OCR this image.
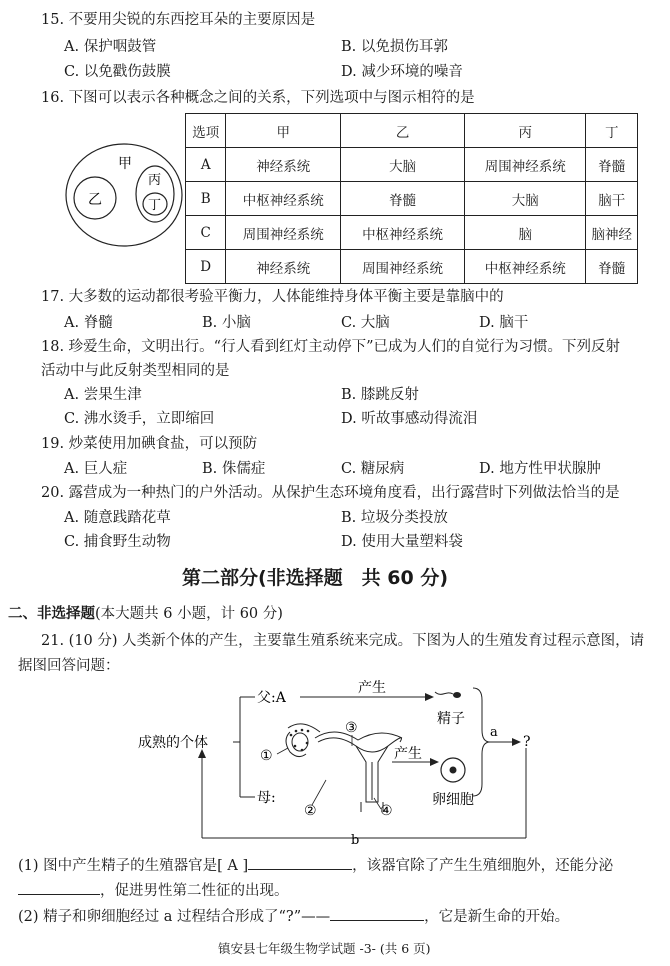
15. 不要用尖锐的东西挖耳朵的主要原因是
A. 保护咽鼓管	B. 以免损伤耳郭
C. 以免戳伤鼓膜	D. 减少环境的噪音
16. 下图可以表示各种概念之间的关系，下列选项中与图示相符的是
甲
乙
丙
丁
选项	甲	乙	丙	丁
A	神经系统	大脑	周围神经系统	脊髓
B	中枢神经系统	脊髓	大脑	脑干
C	周围神经系统	中枢神经系统	脑	脑神经
D	神经系统	周围神经系统	中枢神经系统	脊髓
17. 大多数的运动都很考验平衡力，人体能维持身体平衡主要是靠脑中的
A. 脊髓	B. 小脑	C. 大脑	D. 脑干
18. 珍爱生命，文明出行。“行人看到红灯主动停下”已成为人们的自觉行为习惯。下列反射
活动中与此反射类型相同的是
A. 尝果生津	B. 膝跳反射
C. 沸水烫手，立即缩回	D. 听故事感动得流泪
19. 炒菜使用加碘食盐，可以预防
A. 巨人症	B. 侏儒症	C. 糖尿病	D. 地方性甲状腺肿
20. 露营成为一种热门的户外活动。从保护生态环境角度看，出行露营时下列做法恰当的是
A. 随意践踏花草	B. 垃圾分类投放
C. 捕食野生动物	D. 使用大量塑料袋
第二部分(非选择题　共 60 分)
二、非选择题(本大题共 6 小题，计 60 分)
21. (10 分) 人类新个体的产生，主要靠生殖系统来完成。下图为人的生殖发育过程示意图，请
据图回答问题：
成熟的个体
父:A
母:
产生
产生
精子
卵细胞
a
?
b
①
③
②	④
(1) 图中产生精子的生殖器官是[ A ]	，该器官除了产生生殖细胞外，还能分泌
，促进男性第二性征的出现。
(2) 精子和卵细胞经过 a 过程结合形成了“?”——	，它是新生命的开始。
镇安县七年级生物学试题 -3- (共 6 页)
